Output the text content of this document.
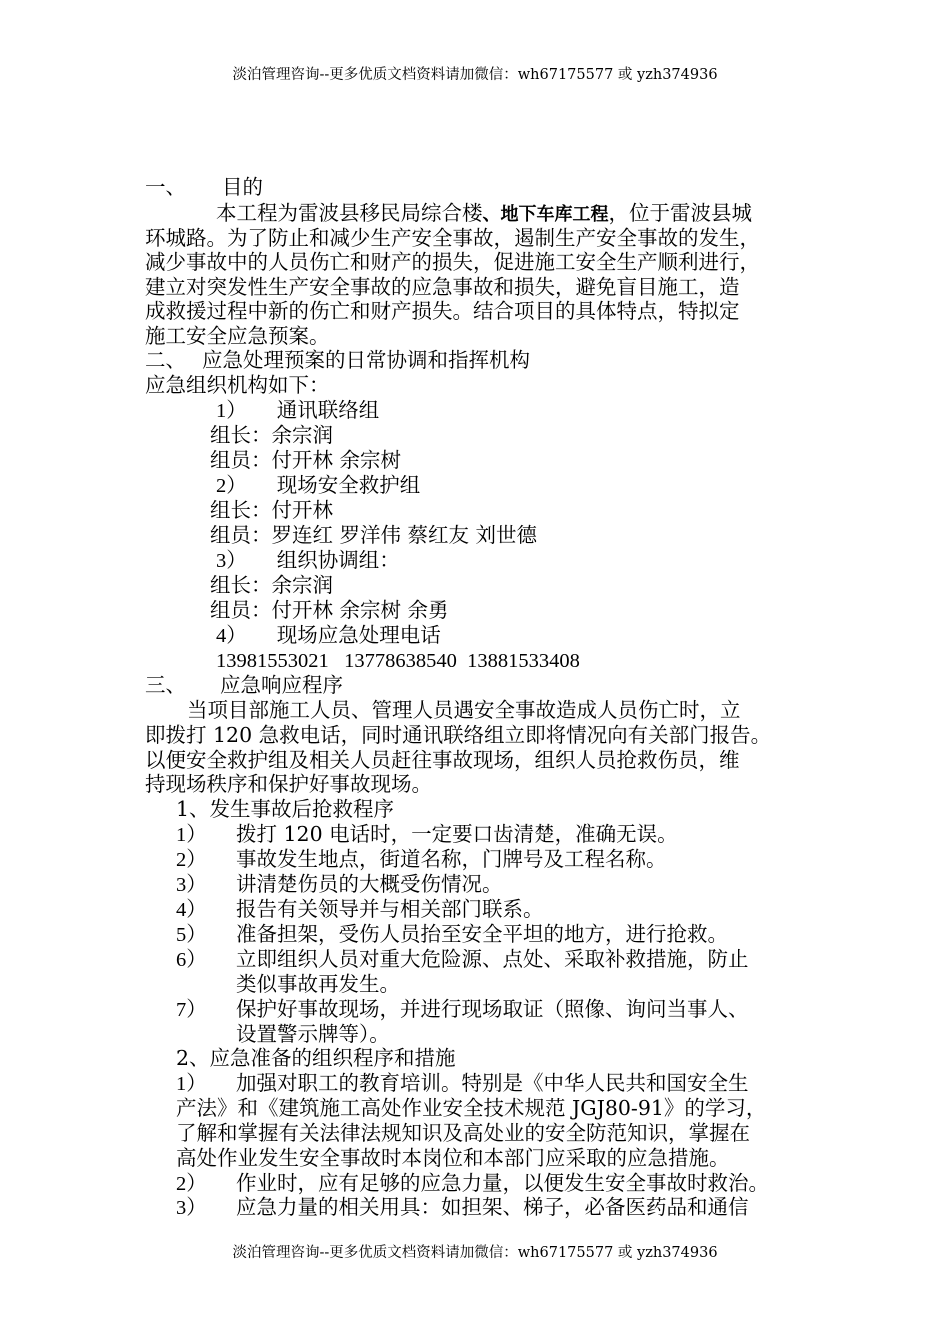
淡泊管理咨询--更多优质文档资料请加微信：wh67175577 或 yzh374936
一、 目的
本工程为雷波县移民局综合楼、地下车库工程，位于雷波县城
环城路。为了防止和减少生产安全事故，遏制生产安全事故的发生，
减少事故中的人员伤亡和财产的损失，促进施工安全生产顺利进行，
建立对突发性生产安全事故的应急事故和损失，避免盲目施工，造
成救援过程中新的伤亡和财产损失。结合项目的具体特点，特拟定
施工安全应急预案。
二、 应急处理预案的日常协调和指挥机构
应急组织机构如下：
1） 通讯联络组
组长：余宗润
组员：付开林 余宗树
2） 现场安全救护组
组长：付开林
组员：罗连红 罗洋伟 蔡红友 刘世德
3） 组织协调组：
组长：余宗润
组员：付开林 余宗树 余勇
4） 现场应急处理电话
13981553021   13778638540  13881533408
三、 应急响应程序
当项目部施工人员、管理人员遇安全事故造成人员伤亡时，立
即拨打 120 急救电话，同时通讯联络组立即将情况向有关部门报告。
以便安全救护组及相关人员赶往事故现场，组织人员抢救伤员，维
持现场秩序和保护好事故现场。
1、发生事故后抢救程序
1） 拨打 120 电话时，一定要口齿清楚，准确无误。
2） 事故发生地点，街道名称，门牌号及工程名称。
3） 讲清楚伤员的大概受伤情况。
4） 报告有关领导并与相关部门联系。
5） 准备担架，受伤人员抬至安全平坦的地方，进行抢救。
6） 立即组织人员对重大危险源、点处、采取补救措施，防止
类似事故再发生。
7） 保护好事故现场，并进行现场取证（照像、询问当事人、
设置警示牌等）。
2、应急准备的组织程序和措施
1） 加强对职工的教育培训。特别是《中华人民共和国安全生
产法》和《建筑施工高处作业安全技术规范 JGJ80-91》的学习，
了解和掌握有关法律法规知识及高处业的安全防范知识，掌握在
高处作业发生安全事故时本岗位和本部门应采取的应急措施。
2） 作业时，应有足够的应急力量，以便发生安全事故时救治。
3） 应急力量的相关用具：如担架、梯子，必备医药品和通信
淡泊管理咨询--更多优质文档资料请加微信：wh67175577 或 yzh374936
